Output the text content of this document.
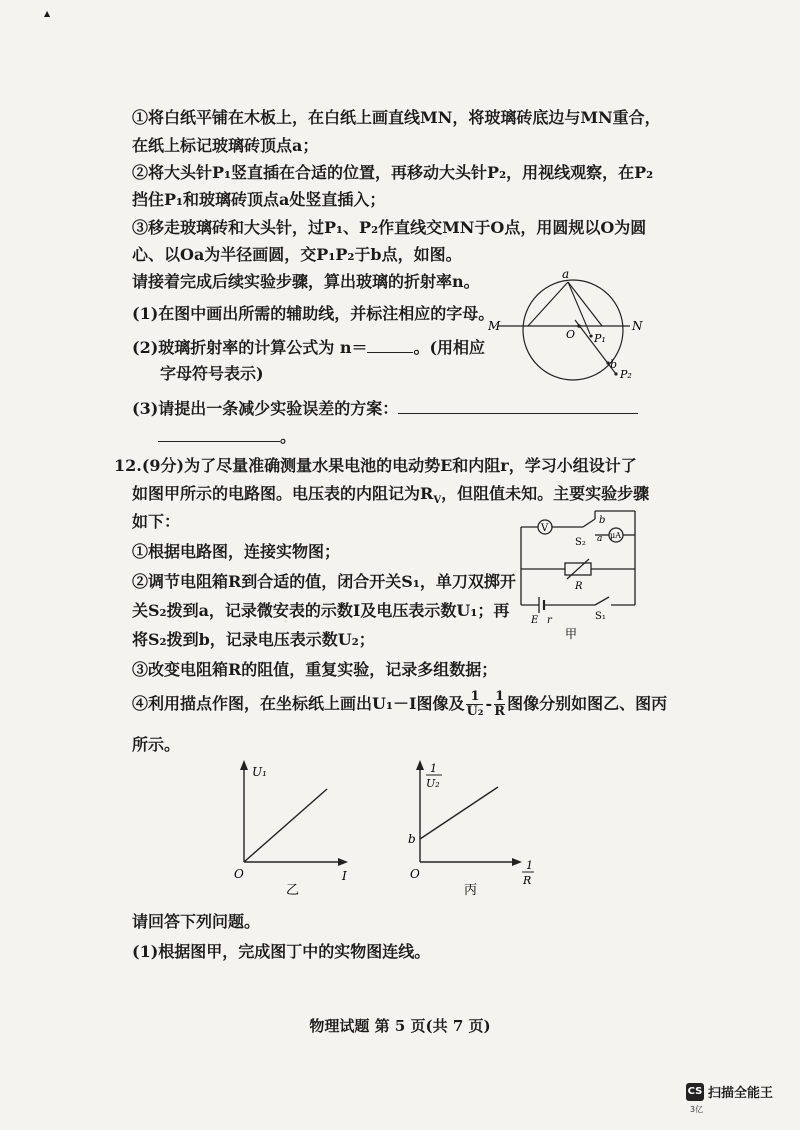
▲
①将白纸平铺在木板上，在白纸上画直线MN，将玻璃砖底边与MN重合，
在纸上标记玻璃砖顶点a；
②将大头针P₁竖直插在合适的位置，再移动大头针P₂，用视线观察，在P₂
挡住P₁和玻璃砖顶点a处竖直插入；
③移走玻璃砖和大头针，过P₁、P₂作直线交MN于O点，用圆规以O为圆
心、以Oa为半径画圆，交P₁P₂于b点，如图。
请接着完成后续实验步骤，算出玻璃的折射率n。
(1)在图中画出所需的辅助线，并标注相应的字母。
(2)玻璃折射率的计算公式为 n＝	。(用相应
字母符号表示)
(3)请提出一条减少实验误差的方案：
。
a
M	N
O P₁
b
P₂
12.(9分)为了尽量准确测量水果电池的电动势E和内阻r，学习小组设计了
如图甲所示的电路图。电压表的内阻记为$R_V$，但阻值未知。主要实验步骤
如下：
①根据电路图，连接实物图；
②调节电阻箱R到合适的值，闭合开关S₁，单刀双掷开
关S₂拨到a，记录微安表的示数I及电压表示数U₁；再
将S₂拨到b，记录电压表示数U₂；
③改变电阻箱R的阻值，重复实验，记录多组数据；
④利用描点作图，在坐标纸上画出U₁－I图像及 $\frac{1}{\text{U₂}} - \frac{1}{R}$ 图像分别如图乙、图丙
所示。
V
μA
b
S₂ a
R
E r	S₁
甲
U₁
I
O
乙
1
U₂
1
R
b
O
丙
请回答下列问题。
(1)根据图甲，完成图丁中的实物图连线。
物理试题 第 5 页(共 7 页)
CS 扫描全能王
3亿
